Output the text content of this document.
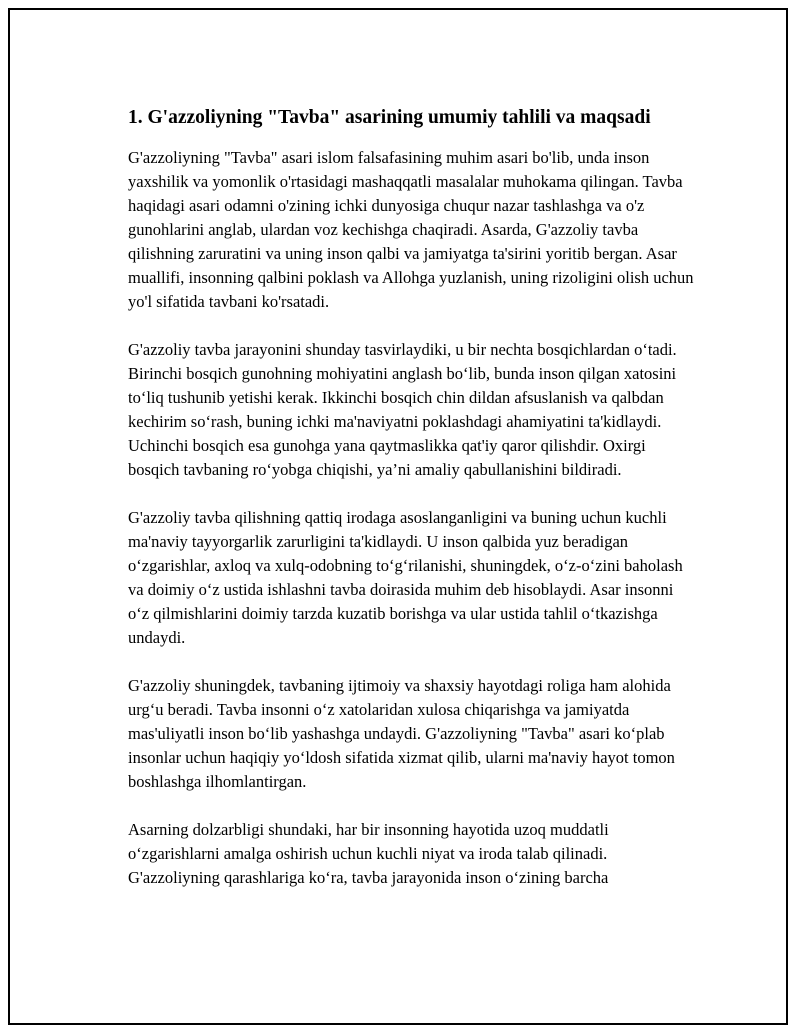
1. G'azzoliyning "Tavba" asarining umumiy tahlili va maqsadi

G'azzoliyning "Tavba" asari islom falsafasining muhim asari bo'lib, unda inson yaxshilik va yomonlik o'rtasidagi mashaqqatli masalalar muhokama qilingan. Tavba haqidagi asari odamni o'zining ichki dunyosiga chuqur nazar tashlashga va o'z gunohlarini anglab, ulardan voz kechishga chaqiradi. Asarda, G'azzoliy tavba qilishning zaruratini va uning inson qalbi va jamiyatga ta'sirini yoritib bergan. Asar muallifi, insonning qalbini poklash va Allohga yuzlanish, uning rizoligini olish uchun yo'l sifatida tavbani ko'rsatadi.

G'azzoliy tavba jarayonini shunday tasvirlaydiki, u bir nechta bosqichlardan o‘tadi. Birinchi bosqich gunohning mohiyatini anglash bo‘lib, bunda inson qilgan xatosini to‘liq tushunib yetishi kerak. Ikkinchi bosqich chin dildan afsuslanish va qalbdan kechirim so‘rash, buning ichki ma'naviyatni poklashdagi ahamiyatini ta'kidlaydi. Uchinchi bosqich esa gunohga yana qaytmaslikka qat'iy qaror qilishdir. Oxirgi bosqich tavbaning ro‘yobga chiqishi, ya’ni amaliy qabullanishini bildiradi.

G'azzoliy tavba qilishning qattiq irodaga asoslanganligini va buning uchun kuchli ma'naviy tayyorgarlik zarurligini ta'kidlaydi. U inson qalbida yuz beradigan o‘zgarishlar, axloq va xulq-odobning to‘g‘rilanishi, shuningdek, o‘z-o‘zini baholash va doimiy o‘z ustida ishlashni tavba doirasida muhim deb hisoblaydi. Asar insonni o‘z qilmishlarini doimiy tarzda kuzatib borishga va ular ustida tahlil o‘tkazishga undaydi.

G'azzoliy shuningdek, tavbaning ijtimoiy va shaxsiy hayotdagi roliga ham alohida urg‘u beradi. Tavba insonni o‘z xatolaridan xulosa chiqarishga va jamiyatda mas'uliyatli inson bo‘lib yashashga undaydi. G'azzoliyning "Tavba" asari ko‘plab insonlar uchun haqiqiy yo‘ldosh sifatida xizmat qilib, ularni ma'naviy hayot tomon boshlashga ilhomlantirgan.

Asarning dolzarbligi shundaki, har bir insonning hayotida uzoq muddatli o‘zgarishlarni amalga oshirish uchun kuchli niyat va iroda talab qilinadi. G'azzoliyning qarashlariga ko‘ra, tavba jarayonida inson o‘zining barcha
